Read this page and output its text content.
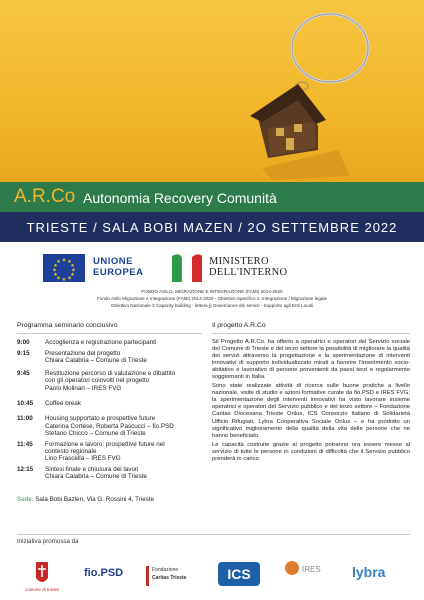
A.R.Co Autonomia Recovery Comunità
TRIESTE / SALA BOBI MAZEN / 2O SETTEMBRE 2022
★ ★
★
★
★
★
★
★
★
★
★
★	UNIONE
EUROPEA
MINISTERO
DELL'INTERNO
FONDO ASILO, MIGRAZIONE E INTEGRAZIONE (FAMI) 2014-2020
Fondo Asilo Migrazione e Integrazione (FAMI) 2014-2020 - Obiettivo Specifico 2. Integrazione / Migrazione legale
Obiettivo Nazionale 3 Capacity building - lettera j) Governance dei servizi - Supporto agli Enti Locali
Programma seminario conclusivo	Il progetto A.R.Co
9:00	Accoglienza e registrazione partecipanti
9:15	Presentazione del progetto
Chiara Calabria – Comune di Trieste
9:45	Restituzione percorso di valutazione e dibattito
con gli operatori coinvolti nel progetto
Paolo Molinari – IRES FVG
10:45	Coffee break
11:00	Housing supportato e prospettive future
Caterina Cortese, Roberta Pascucci – fio.PSD
Stefano Chicco – Comune di Trieste
11:45	Formazione e lavoro: prospettive future nel
contesto regionale
Lino Frascella – IRES FVG
12:15	Sintesi finale e chiusura dei lavori
Chiara Calabria – Comune di Trieste
Sede: Sala Bobi Bazlen, Via G. Rossini 4, Trieste

Sil Progetto A.R.Co. ha offerto a operatrici e operatori del Servizio sociale del Comune di Trieste e del terzo settore la possibilità di migliorare la qualità dei servizi attraverso la progettazione e la sperimentazione di interventi innovativi di supporto individualizzato mirati a favorire l'inserimento socio-abitativo e lavorativo di persone provenienti da paesi terzi e regolarmente soggiornanti in Italia.

Sono state realizzate attività di ricerca sulle buone pratiche a livello nazionale, visite di studio e azioni formative curate da fio.PSD e IRES FVG; la sperimentazione degli interventi innovativi ha visto lavorare insieme operatrici e operatori del Servizio pubblico e del terzo settore – Fondazione Caritas Diocesana Trieste Onlus, ICS Consorzio Italiano di Solidarietà Ufficio Rifugiati, Lybra Cooperativa Sociale Onlus – e ha prodotto un significativo miglioramento della qualità della vita delle persone che ne hanno beneficiato.

Le capacità costruite grazie al progetto potranno ora essere messe al servizio di tutte le persone in condizioni di difficoltà che il Servizio pubblico prenderà in carico.

Iniziativa promossa da
comune di trieste
fio.PSD	Fondazione
Caritas Trieste	ICS	IRES lybra
